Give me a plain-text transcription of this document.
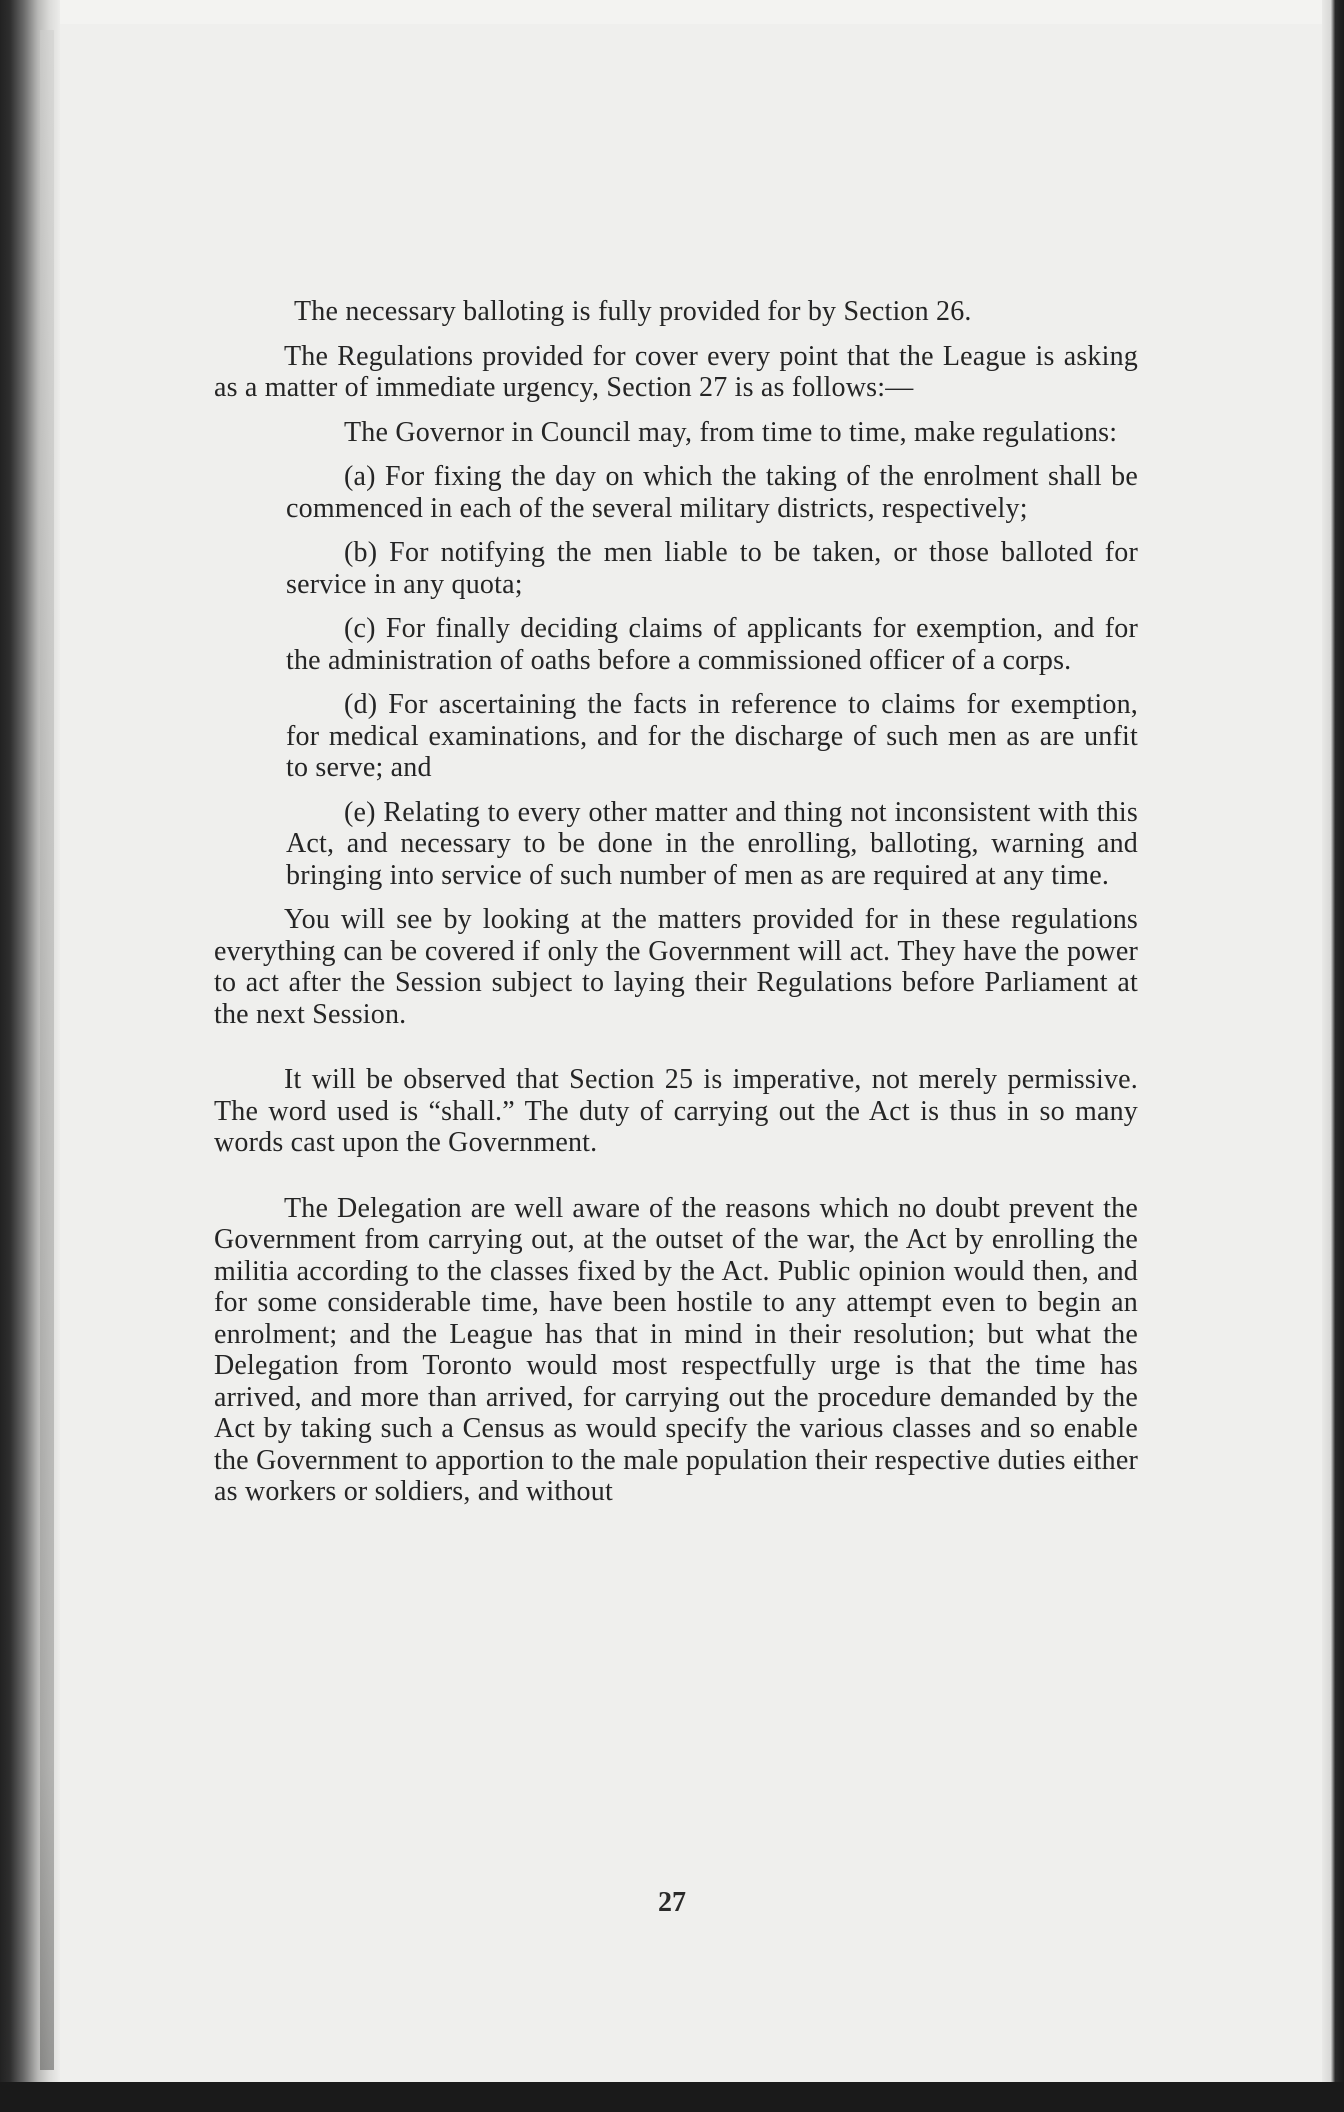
The necessary balloting is fully provided for by Section 26.

The Regulations provided for cover every point that the League is asking as a matter of immediate urgency, Section 27 is as follows:—

The Governor in Council may, from time to time, make regulations:

(a) For fixing the day on which the taking of the enrolment shall be commenced in each of the several military districts, respectively;

(b) For notifying the men liable to be taken, or those balloted for service in any quota;

(c) For finally deciding claims of applicants for exemption, and for the administration of oaths before a commissioned officer of a corps.

(d) For ascertaining the facts in reference to claims for exemption, for medical examinations, and for the discharge of such men as are unfit to serve; and

(e) Relating to every other matter and thing not inconsistent with this Act, and necessary to be done in the enrolling, balloting, warning and bringing into service of such number of men as are required at any time.

You will see by looking at the matters provided for in these regulations everything can be covered if only the Government will act. They have the power to act after the Session subject to laying their Regulations before Parliament at the next Session.

It will be observed that Section 25 is imperative, not merely permissive. The word used is “shall.” The duty of carrying out the Act is thus in so many words cast upon the Government.

The Delegation are well aware of the reasons which no doubt prevent the Government from carrying out, at the outset of the war, the Act by enrolling the militia according to the classes fixed by the Act. Public opinion would then, and for some considerable time, have been hostile to any attempt even to begin an enrolment; and the League has that in mind in their resolution; but what the Delegation from Toronto would most respectfully urge is that the time has arrived, and more than arrived, for carrying out the procedure demanded by the Act by taking such a Census as would specify the various classes and so enable the Government to apportion to the male population their respective duties either as workers or soldiers, and without

27
